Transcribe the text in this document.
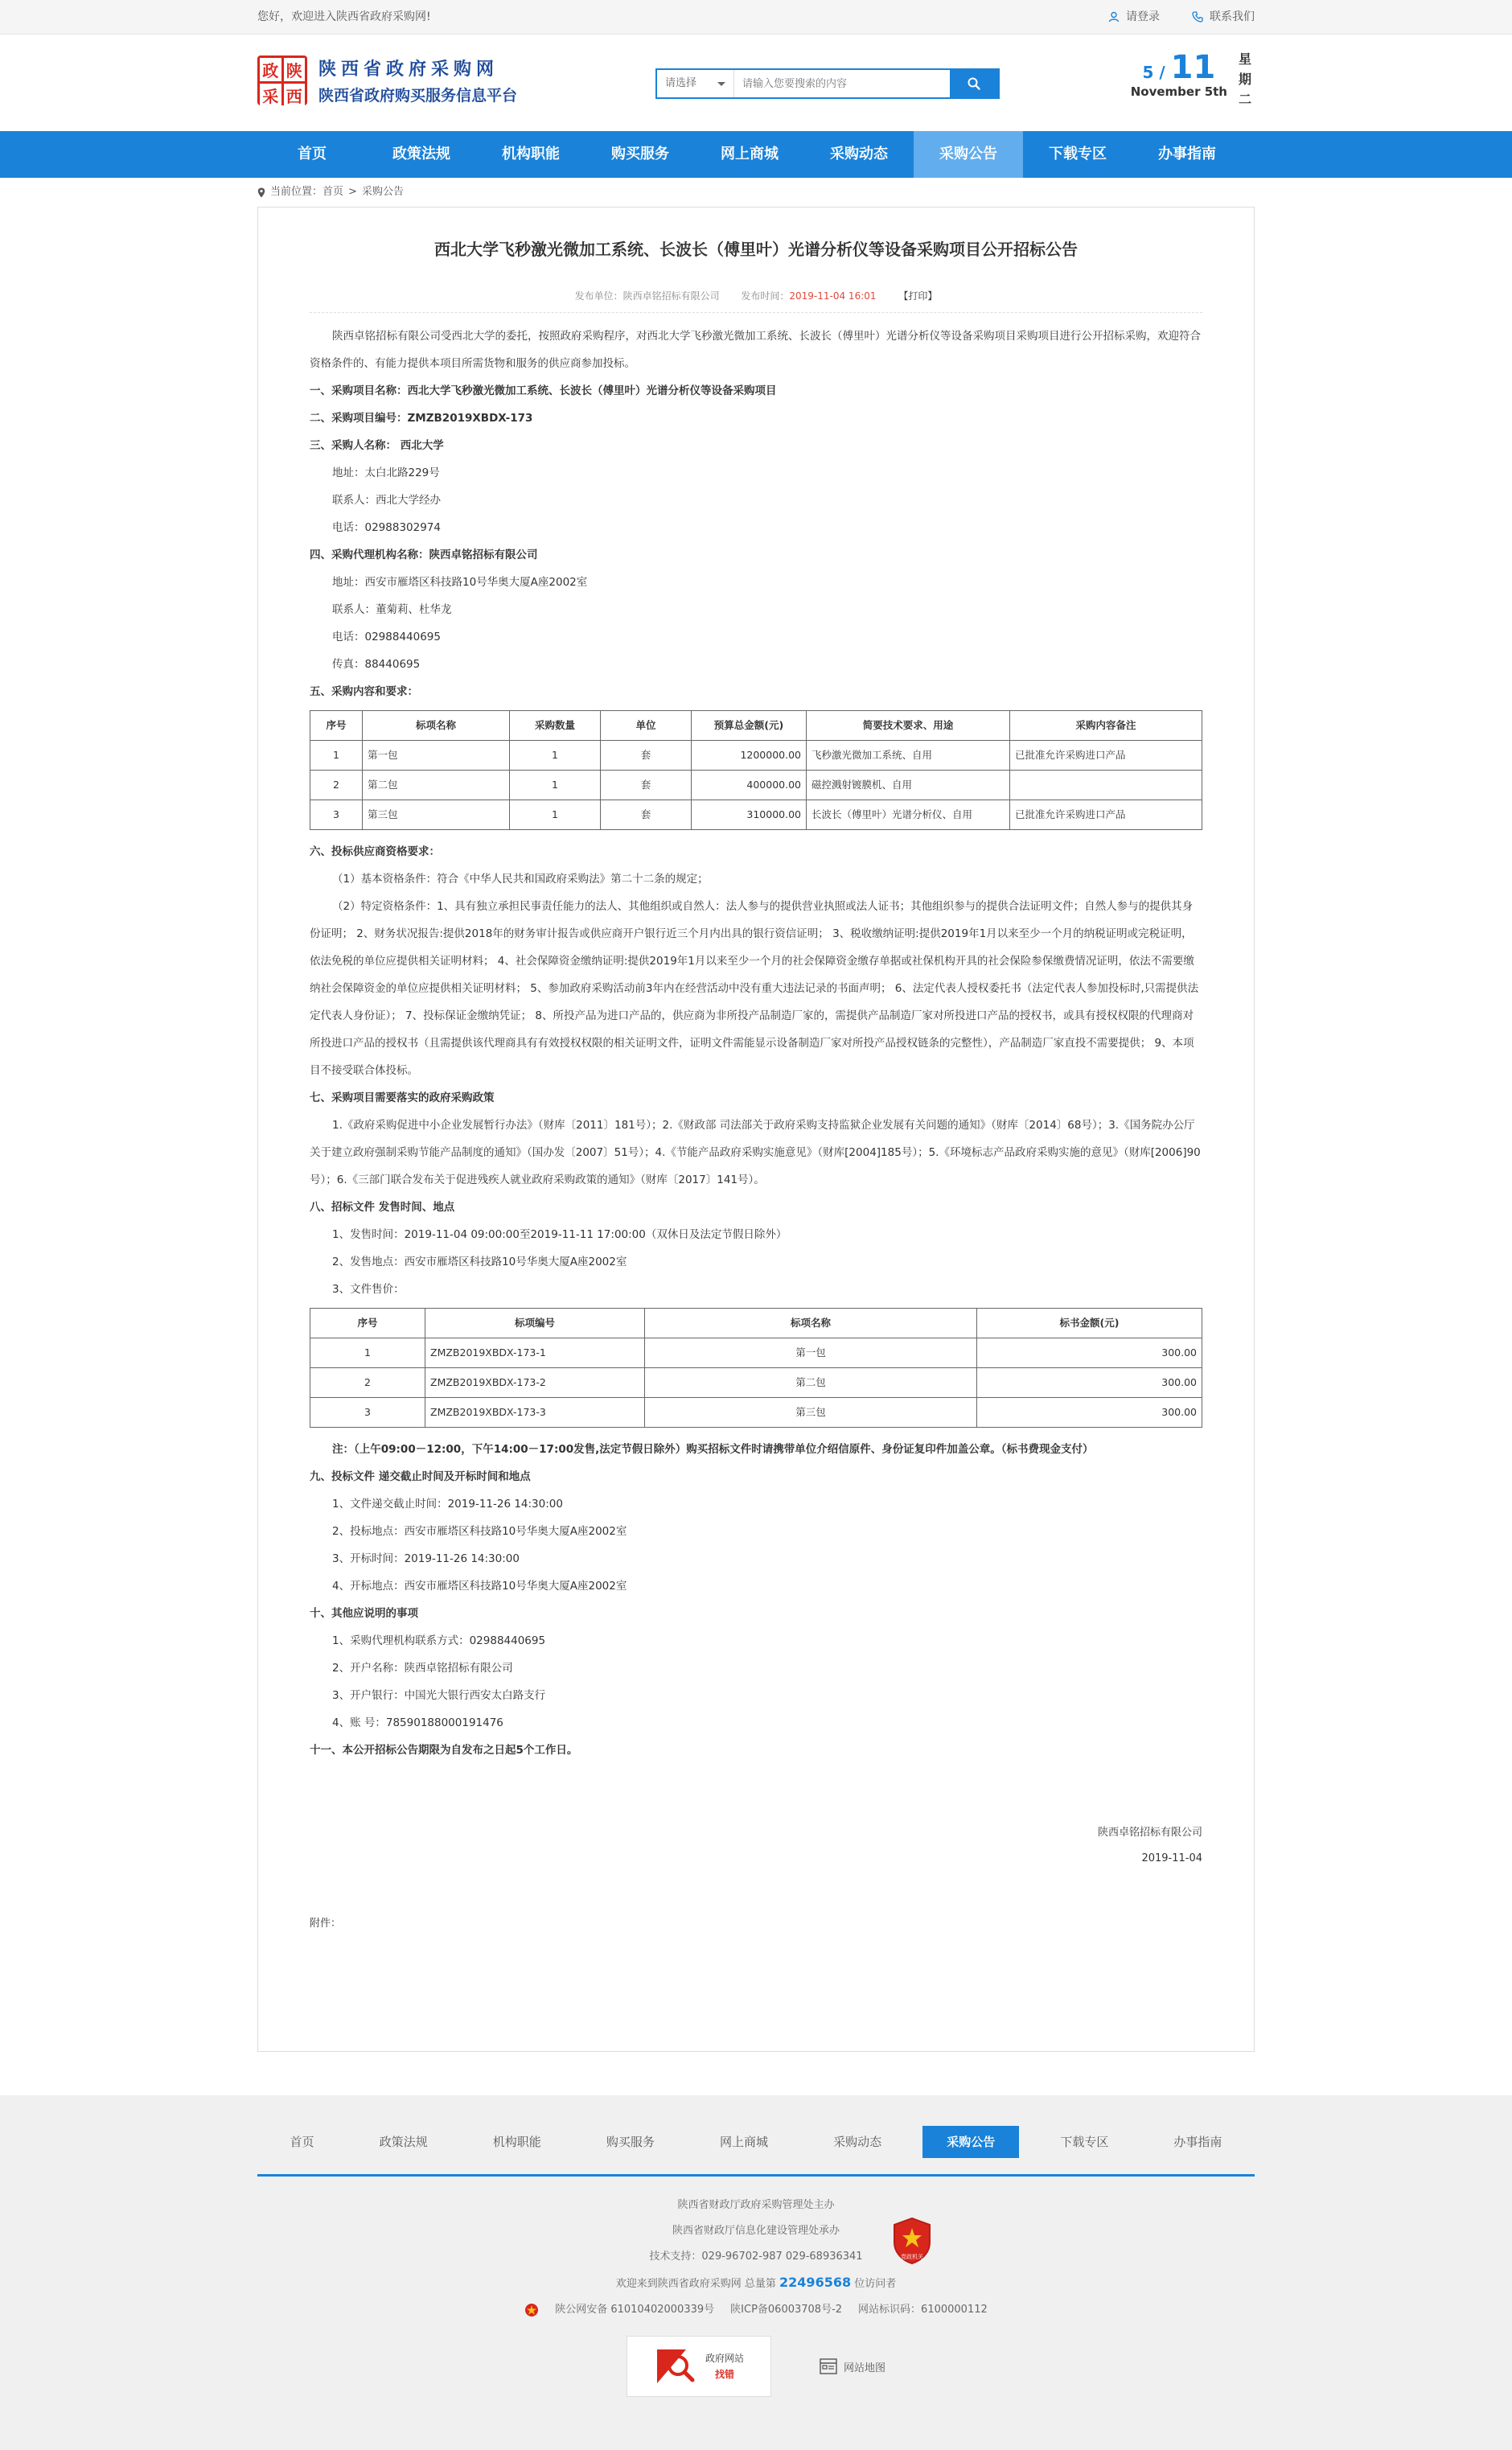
您好，欢迎进入陕西省政府采购网!	请登录	联系我们
政 陕
采 西
陕西省政府采购网
陕西省政府购买服务信息平台
请选择
请输入您要搜索的内容
5 / 11
November 5th
星
期
二
首页	政策法规	机构职能	购买服务	网上商城	采购动态	采购公告	下载专区	办事指南
当前位置： 首页 > 采购公告
西北大学飞秒激光微加工系统、长波长（傅里叶）光谱分析仪等设备采购项目公开招标公告
发布单位：陕西卓铭招标有限公司 发布时间：2019-11-04 16:01 【打印】

陕西卓铭招标有限公司受西北大学的委托，按照政府采购程序，对西北大学飞秒激光微加工系统、长波长（傅里叶）光谱分析仪等设备采购项目采购项目进行公开招标采购，欢迎符合资格条件的、有能力提供本项目所需货物和服务的供应商参加投标。

一、采购项目名称：西北大学飞秒激光微加工系统、长波长（傅里叶）光谱分析仪等设备采购项目

二、采购项目编号：ZMZB2019XBDX-173

三、采购人名称： 西北大学

地址：太白北路229号

联系人：西北大学经办

电话：02988302974

四、采购代理机构名称：陕西卓铭招标有限公司

地址：西安市雁塔区科技路10号华奥大厦A座2002室

联系人：董菊莉、杜华龙

电话：02988440695

传真：88440695

五、采购内容和要求：

序号	标项名称	采购数量	单位	预算总金额(元)	简要技术要求、用途	采购内容备注
1	第一包	1	套	1200000.00	飞秒激光微加工系统、自用	已批准允许采购进口产品
2	第二包	1	套	400000.00	磁控溅射镀膜机、自用	
3	第三包	1	套	310000.00	长波长（傅里叶）光谱分析仪、自用	已批准允许采购进口产品

六、投标供应商资格要求：

（1）基本资格条件：符合《中华人民共和国政府采购法》第二十二条的规定；

（2）特定资格条件：1、具有独立承担民事责任能力的法人、其他组织或自然人：法人参与的提供营业执照或法人证书；其他组织参与的提供合法证明文件；自然人参与的提供其身份证明； 2、财务状况报告:提供2018年的财务审计报告或供应商开户银行近三个月内出具的银行资信证明； 3、税收缴纳证明:提供2019年1月以来至少一个月的纳税证明或完税证明，依法免税的单位应提供相关证明材料； 4、社会保障资金缴纳证明:提供2019年1月以来至少一个月的社会保障资金缴存单据或社保机构开具的社会保险参保缴费情况证明，依法不需要缴纳社会保障资金的单位应提供相关证明材料； 5、参加政府采购活动前3年内在经营活动中没有重大违法记录的书面声明； 6、法定代表人授权委托书（法定代表人参加投标时,只需提供法定代表人身份证）； 7、投标保证金缴纳凭证； 8、所投产品为进口产品的，供应商为非所投产品制造厂家的，需提供产品制造厂家对所投进口产品的授权书，或具有授权权限的代理商对所投进口产品的授权书（且需提供该代理商具有有效授权权限的相关证明文件，证明文件需能显示设备制造厂家对所投产品授权链条的完整性），产品制造厂家直投不需要提供； 9、本项目不接受联合体投标。

七、采购项目需要落实的政府采购政策

1.《政府采购促进中小企业发展暂行办法》（财库〔2011〕181号）；2.《财政部 司法部关于政府采购支持监狱企业发展有关问题的通知》（财库〔2014〕68号）；3.《国务院办公厅关于建立政府强制采购节能产品制度的通知》（国办发〔2007〕51号）；4.《节能产品政府采购实施意见》（财库[2004]185号）；5.《环境标志产品政府采购实施的意见》（财库[2006]90号）；6.《三部门联合发布关于促进残疾人就业政府采购政策的通知》（财库〔2017〕141号）。

八、招标文件 发售时间、地点

1、发售时间：2019-11-04 09:00:00至2019-11-11 17:00:00（双休日及法定节假日除外）

2、发售地点：西安市雁塔区科技路10号华奥大厦A座2002室

3、文件售价：

序号	标项编号	标项名称	标书金额(元)
1	ZMZB2019XBDX-173-1	第一包	300.00
2	ZMZB2019XBDX-173-2	第二包	300.00
3	ZMZB2019XBDX-173-3	第三包	300.00

注：（上午09:00－12:00，下午14:00－17:00发售,法定节假日除外）购买招标文件时请携带单位介绍信原件、身份证复印件加盖公章。（标书费现金支付）

九、投标文件 递交截止时间及开标时间和地点

1、文件递交截止时间：2019-11-26 14:30:00

2、投标地点：西安市雁塔区科技路10号华奥大厦A座2002室

3、开标时间：2019-11-26 14:30:00

4、开标地点：西安市雁塔区科技路10号华奥大厦A座2002室

十、其他应说明的事项

1、采购代理机构联系方式：02988440695

2、开户名称：陕西卓铭招标有限公司

3、开户银行：中国光大银行西安太白路支行

4、账 号：78590188000191476

十一、本公开招标公告期限为自发布之日起5个工作日。

陕西卓铭招标有限公司
2019-11-04
附件：
首页	政策法规	机构职能	购买服务	网上商城	采购动态	采购公告	下载专区	办事指南
陕西省财政厅政府采购管理处主办
陕西省财政厅信息化建设管理处承办
技术支持：029-96702-987 029-68936341
欢迎来到陕西省政府采购网 总量第 22496568 位访问者
陕公网安备 61010402000339号 陕ICP备06003708号-2 网站标识码：6100000112
党政机关
政府网站
找错
网站地图
